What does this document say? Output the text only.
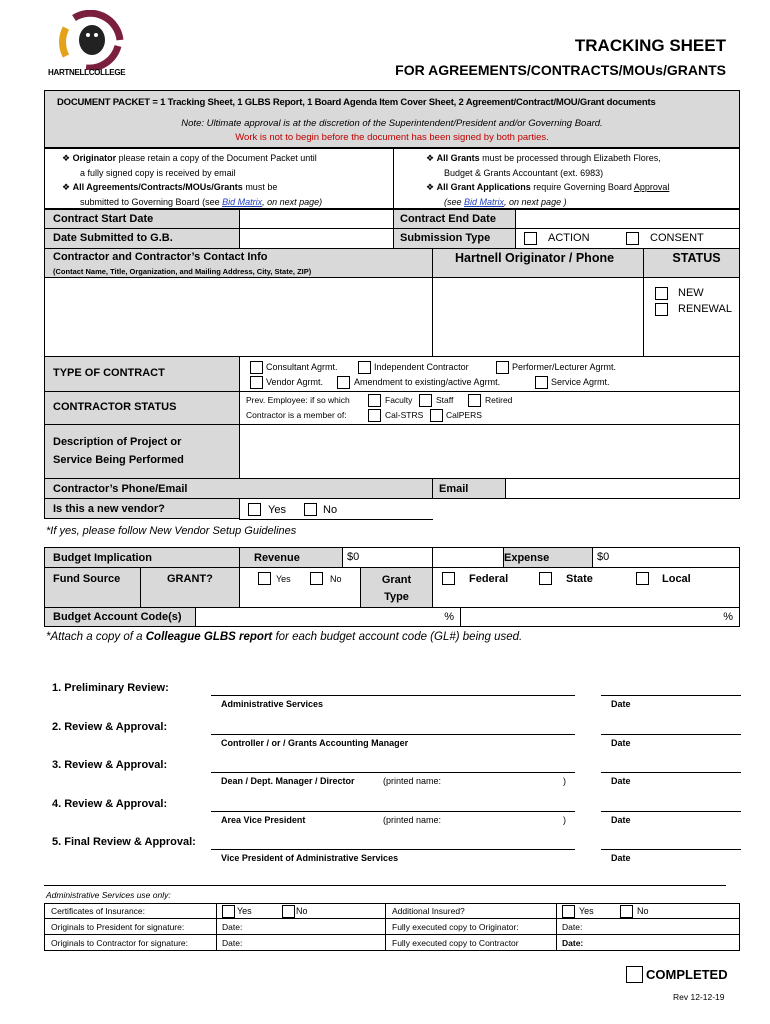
HARTNELLCOLLEGE
TRACKING SHEET
FOR AGREEMENTS/CONTRACTS/MOUs/GRANTS
DOCUMENT PACKET = 1 Tracking Sheet, 1 GLBS Report, 1 Board Agenda Item Cover Sheet, 2 Agreement/Contract/MOU/Grant documents
Note: Ultimate approval is at the discretion of the Superintendent/President and/or Governing Board.
Work is not to begin before the document has been signed by both parties.
❖ Originator please retain a copy of the Document Packet until
a fully signed copy is received by email
❖ All Agreements/Contracts/MOUs/Grants must be
submitted to Governing Board (see Bid Matrix, on next page)
❖ All Grants must be processed through Elizabeth Flores,
Budget & Grants Accountant (ext. 6983)
❖ All Grant Applications require Governing Board Approval
(see Bid Matrix, on next page )
Contract Start Date	Contract End Date
Date Submitted to G.B.	Submission Type	ACTION	CONSENT
Contractor and Contractor’s Contact Info
(Contact Name, Title, Organization, and Mailing Address, City, State, ZIP)
Hartnell Originator / Phone	STATUS
NEW
RENEWAL
TYPE OF CONTRACT	Consultant Agrmt.	Independent Contractor	Performer/Lecturer Agrmt.
Vendor Agrmt.	Amendment to existing/active Agrmt.	Service Agrmt.
CONTRACTOR STATUS
Prev. Employee: if so which	Faculty	Staff	Retired
Contractor is a member of:	Cal-STRS	CalPERS
Description of Project or
Service Being Performed
Contractor’s Phone/Email	Email
Is this a new vendor?	Yes	No
*If yes, please follow New Vendor Setup Guidelines
Budget Implication	Revenue	$0	Expense	$0
Fund Source	GRANT?	Yes	No	Grant
Type
Federal	State	Local
Budget Account Code(s)	%	%
*Attach a copy of a Colleague GLBS report for each budget account code (GL#) being used.
1. Preliminary Review:
Administrative Services	Date
2. Review & Approval:
Controller / or / Grants Accounting Manager	Date
3. Review & Approval:
Dean / Dept. Manager / Director	(printed name:	)	Date
4. Review & Approval:
Area Vice President	(printed name:	)	Date
5. Final Review & Approval:
Vice President of Administrative Services	Date
Administrative Services use only:
Certificates of Insurance:	Yes	No	Additional Insured?	Yes	No
Originals to President for signature:	Date:	Fully executed copy to Originator:	Date:
Originals to Contractor for signature:	Date:	Fully executed copy to Contractor	Date:
COMPLETED
Rev 12-12-19
